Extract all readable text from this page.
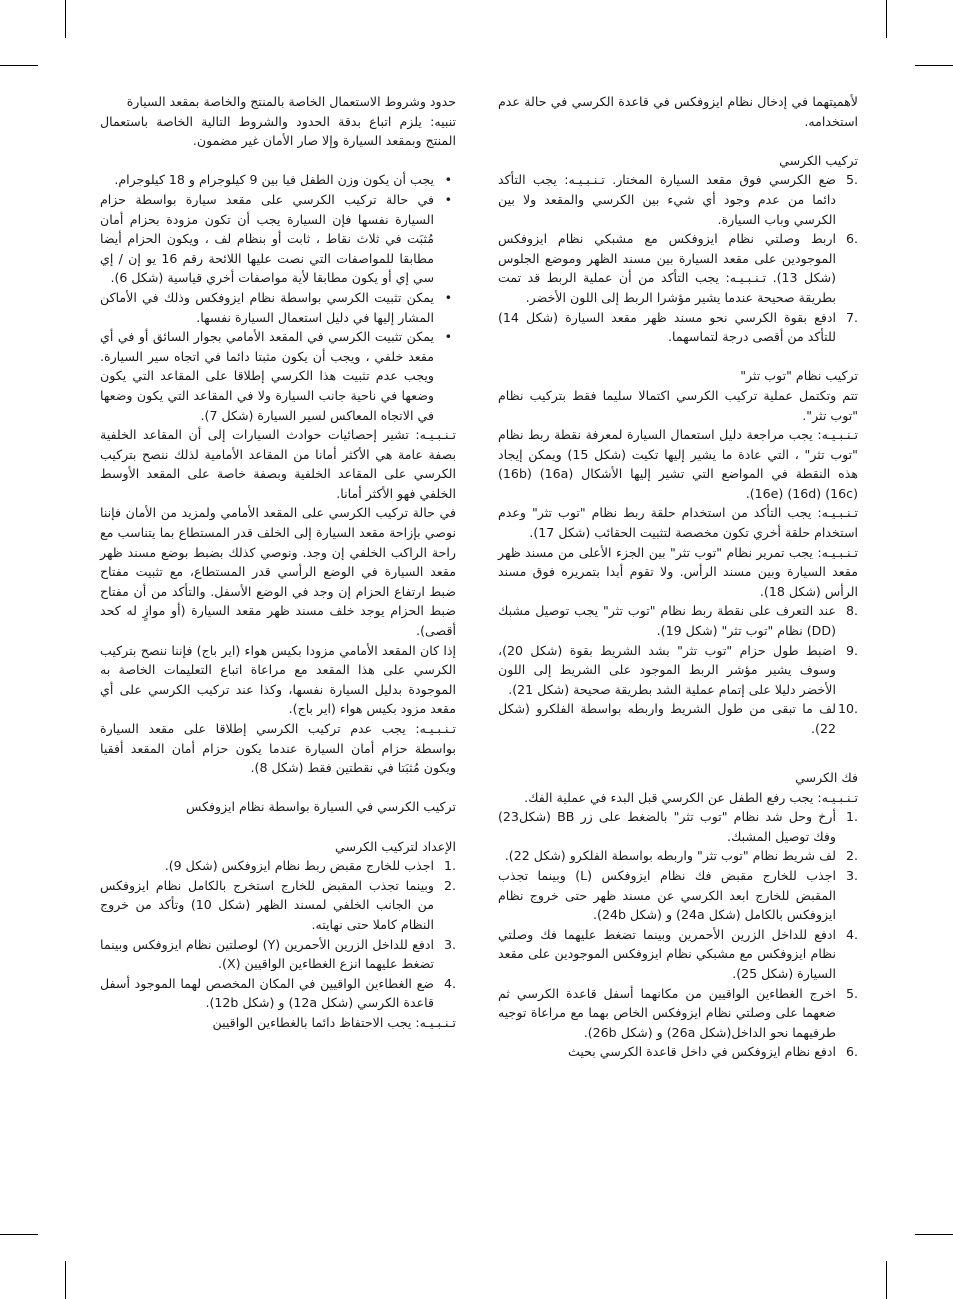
لأهميتهما في إدخال نظام ايزوفكس في قاعدة الكرسي في حالة عدم استخدامه.

تركيب الكرسي

5.
ضع الكرسي فوق مقعد السيارة المختار. تـنـبـيـه: يجب التأكد دائما من عدم وجود أي شيء بين الكرسي والمقعد ولا بين الكرسي وباب السيارة.
6.
اربط وصلتي نظام ايزوفكس مع مشبكي نظام ايزوفكس الموجودين على مقعد السيارة بين مسند الظهر وموضع الجلوس (شكل 13). تـنـبـيـه: يجب التأكد من أن عملية الربط قد تمت بطريقة صحيحة عندما يشير مؤشرا الربط إلى اللون الأخضر.
7.
ادفع بقوة الكرسي نحو مسند ظهر مقعد السيارة (شكل 14) للتأكد من أقصى درجة لتماسهما.

تركيب نظام "توب تثر"

تتم وتكتمل عملية تركيب الكرسي اكتمالا سليما فقط بتركيب نظام "توب تثر".

تـنـبـيـه: يجب مراجعة دليل استعمال السيارة لمعرفة نقطة ربط نظام "توب تثر" ، التي عادة ما يشير إليها تكيت (شكل 15) ويمكن إيجاد هذه النقطة في المواضع التي تشير إليها الأشكال (16a) (16b) (16c) (16d) (16e).

تـنـبـيـه: يجب التأكد من استخدام حلقة ربط نظام "توب تثر" وعدم استخدام حلقة أخري تكون مخصصة لتثبيت الحقائب (شكل 17).

تـنـبـيـه: يجب تمرير نظام "توب تثر" بين الجزء الأعلى من مسند ظهر مقعد السيارة وبين مسند الرأس. ولا تقوم أبدا بتمريره فوق مسند الرأس (شكل 18).

8.
عند التعرف على نقطة ربط نظام "توب تثر" يجب توصيل مشبك (DD) نظام "توب تثر" (شكل 19).
9.
اضبط طول حزام "توب تثر" بشد الشريط بقوة (شكل 20)، وسوف يشير مؤشر الربط الموجود على الشريط إلى اللون الأخضر دليلا على إتمام عملية الشد بطريقة صحيحة (شكل 21).
10.
لف ما تبقى من طول الشريط واربطه بواسطة الفلكرو (شكل 22).

فك الكرسي

تـنـبـيـه: يجب رفع الطفل عن الكرسي قبل البدء في عملية الفك.

1.
أرخ وحل شد نظام "توب تثر" بالضغط على زر BB (شكل23) وفك توصيل المشبك.
2.
لف شريط نظام "توب تثر" واربطه بواسطة الفلكرو (شكل 22).
3.
اجذب للخارج مقبض فك نظام ايزوفكس (L) وبينما تجذب المقبض للخارج ابعد الكرسي عن مسند ظهر حتى خروج نظام ايزوفكس بالكامل (شكل 24a) و (شكل 24b).
4.
ادفع للداخل الزرين الأحمرين وبينما تضغط عليهما فك وصلتي نظام ايزوفكس مع مشبكي نظام ايزوفكس الموجودين على مقعد السيارة (شكل 25).
5.
اخرج الغطاءين الواقيين من مكانهما أسفل قاعدة الكرسي ثم ضعهما على وصلتي نظام ايزوفكس الخاص بهما مع مراعاة توجيه طرفيهما نحو الداخل(شكل 26a) و (شكل 26b).
6.
ادفع نظام ايزوفكس في داخل قاعدة الكرسي بحيث

حدود وشروط الاستعمال الخاصة بالمنتج والخاصة بمقعد السيارة

تنبيه: يلزم اتباع بدقة الحدود والشروط التالية الخاصة باستعمال المنتج وبمقعد السيارة وإلا صار الأمان غير مضمون.

•
يجب أن يكون وزن الطفل فيا بين 9 كيلوجرام و 18 كيلوجرام.
•
في حالة تركيب الكرسي على مقعد سيارة بواسطة حزام السيارة نفسها فإن السيارة يجب أن تكون مزودة بحزام أمان مُثبَت في ثلاث نقاط ، ثابت أو بنظام لف ، ويكون الحزام أيضا مطابقا للمواصفات التي نصت عليها اللائحة رقم 16 يو إن / إي سي إي أو يكون مطابقا لأية مواصفات أخري قياسية (شكل 6).
•
يمكن تثبيت الكرسي بواسطة نظام ايزوفكس وذلك في الأماكن المشار إليها في دليل استعمال السيارة نفسها.
•
يمكن تثبيت الكرسي في المقعد الأمامي بجوار السائق أو في أي مقعد خلفي ، ويجب أن يكون مثبتا دائما في اتجاه سير السيارة. ويجب عدم تثبيت هذا الكرسي إطلاقا على المقاعد التي يكون وضعها في ناحية جانب السيارة ولا في المقاعد التي يكون وضعها في الاتجاه المعاكس لسير السيارة (شكل 7).

تـنـبـيـه: تشير إحصائيات حوادث السيارات إلى أن المقاعد الخلفية بصفة عامة هي الأكثر أمانا من المقاعد الأمامية لذلك ننصح بتركيب الكرسي على المقاعد الخلفية وبصفة خاصة على المقعد الأوسط الخلفي فهو الأكثر أمانا.

في حالة تركيب الكرسي على المقعد الأمامي ولمزيد من الأمان فإننا نوصي بإزاحة مقعد السيارة إلى الخلف قدر المستطاع بما يتناسب مع راحة الراكب الخلفي إن وجد. ونوصي كذلك بضبط بوضع مسند ظهر مقعد السيارة في الوضع الرأسي قدر المستطاع، مع تثبيت مفتاح ضبط ارتفاع الحزام إن وجد في الوضع الأسفل. والتأكد من أن مفتاح ضبط الحزام يوجد خلف مسند ظهر مقعد السيارة (أو موازٍ له كحد أقصى).

إذا كان المقعد الأمامي مزودا بكيس هواء (اير باج) فإننا ننصح بتركيب الكرسي على هذا المقعد مع مراعاة اتباع التعليمات الخاصة به الموجودة بدليل السيارة نفسها، وكذا عند تركيب الكرسي على أي مقعد مزود بكيس هواء (اير باج).

تـنـبـيـه: يجب عدم تركيب الكرسي إطلاقا على مقعد السيارة بواسطة حزام أمان السيارة عندما يكون حزام أمان المقعد أفقيا ويكون مُثبَتا في نقطتين فقط (شكل 8).

تركيب الكرسي في السيارة بواسطة نظام ايزوفكس

الإعداد لتركيب الكرسي

1.
اجذب للخارج مقبض ربط نظام ايزوفكس (شكل 9).
2.
وبينما تجذب المقبض للخارج استخرج بالكامل نظام ايزوفكس من الجانب الخلفي لمسند الظهر (شكل 10) وتأكد من خروج النظام كاملا حتى نهايته.
3.
ادفع للداخل الزرين الأحمرين (Y) لوصلتين نظام ايزوفكس وبينما تضغط عليهما انزع الغطاءين الواقيين (X).
4.
ضع الغطاءين الواقيين في المكان المخصص لهما الموجود أسفل قاعدة الكرسي (شكل 12a) و (شكل 12b).

تـنـبـيـه: يجب الاحتفاظ دائما بالغطاءين الواقيين
